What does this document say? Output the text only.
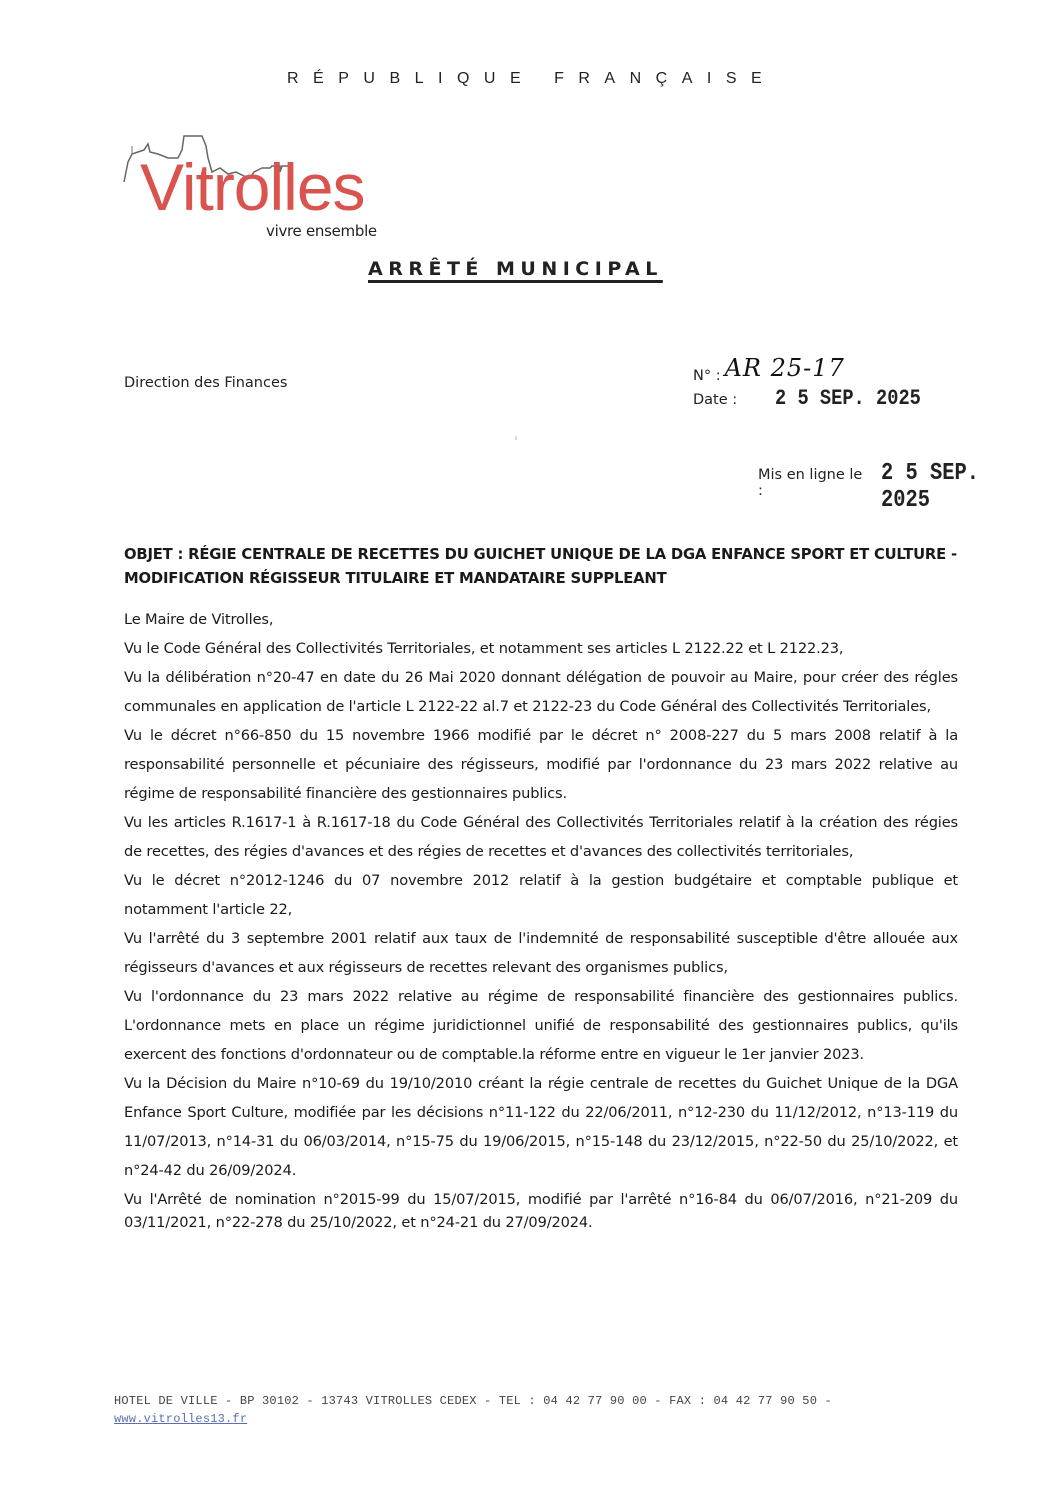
RÉPUBLIQUE FRANÇAISE
Vitrolles
vivre ensemble
ARRÊTÉ MUNICIPAL
Direction des Finances	N° : AR 25-17
Date : 2 5 SEP. 2025
Mis en ligne le :
2 5 SEP. 2025
OBJET : RÉGIE CENTRALE DE RECETTES DU GUICHET UNIQUE DE LA DGA ENFANCE SPORT ET CULTURE - MODIFICATION RÉGISSEUR TITULAIRE ET MANDATAIRE SUPPLEANT

Le Maire de Vitrolles,

Vu le Code Général des Collectivités Territoriales, et notamment ses articles L 2122.22 et L 2122.23,

Vu la délibération n°20-47 en date du 26 Mai 2020 donnant délégation de pouvoir au Maire, pour créer des régles communales en application de l'article L 2122-22 al.7 et 2122-23 du Code Général des Collectivités Territoriales,

Vu le décret n°66-850 du 15 novembre 1966 modifié par le décret n° 2008-227 du 5 mars 2008 relatif à la responsabilité personnelle et pécuniaire des régisseurs, modifié par l'ordonnance du 23 mars 2022 relative au régime de responsabilité financière des gestionnaires publics.

Vu les articles R.1617-1 à R.1617-18 du Code Général des Collectivités Territoriales relatif à la création des régies de recettes, des régies d'avances et des régies de recettes et d'avances des collectivités territoriales,

Vu le décret n°2012-1246 du 07 novembre 2012 relatif à la gestion budgétaire et comptable publique et notamment l'article 22,

Vu l'arrêté du 3 septembre 2001 relatif aux taux de l'indemnité de responsabilité susceptible d'être allouée aux régisseurs d'avances et aux régisseurs de recettes relevant des organismes publics,

Vu l'ordonnance du 23 mars 2022 relative au régime de responsabilité financière des gestionnaires publics. L'ordonnance mets en place un régime juridictionnel unifié de responsabilité des gestionnaires publics, qu'ils exercent des fonctions d'ordonnateur ou de comptable.la réforme entre en vigueur le 1er janvier 2023.

Vu la Décision du Maire n°10-69 du 19/10/2010 créant la régie centrale de recettes du Guichet Unique de la DGA Enfance Sport Culture, modifiée par les décisions n°11-122 du 22/06/2011, n°12-230 du 11/12/2012, n°13-119 du 11/07/2013, n°14-31 du 06/03/2014, n°15-75 du 19/06/2015, n°15-148 du 23/12/2015, n°22-50 du 25/10/2022, et n°24-42 du 26/09/2024.

Vu l'Arrêté de nomination n°2015-99 du 15/07/2015, modifié par l'arrêté n°16-84 du 06/07/2016, n°21-209 du 03/11/2021, n°22-278 du 25/10/2022, et n°24-21 du 27/09/2024.

HOTEL DE VILLE - BP 30102 - 13743 VITROLLES CEDEX - TEL : 04 42 77 90 00 - FAX : 04 42 77 90 50 -
www.vitrolles13.fr
